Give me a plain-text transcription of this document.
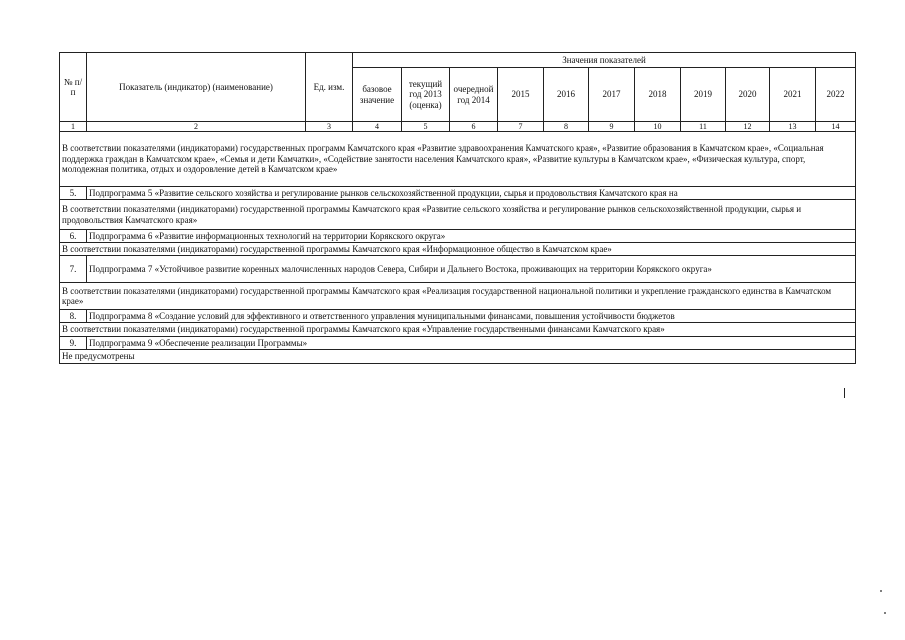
№ п/п	Показатель (индикатор) (наименование)	Ед. изм.	Значения показателей										
			базовое значение	текущий год 2013 (оценка)	очередной год 2014	2015	2016	2017	2018	2019	2020	2021	2022
1	2	3	4	5	6	7	8	9	10	11	12	13	14
В соответствии показателями (индикаторами) государственных программ Камчатского края «Развитие здравоохранения Камчатского края», «Развитие образования в Камчатском крае», «Социальная поддержка граждан в Камчатском крае», «Семья и дети Камчатки», «Содействие занятости населения Камчатского края», «Развитие культуры в Камчатском крае», «Физическая культура, спорт, молодежная политика, отдых и оздоровление детей в Камчатском крае»													
5.	Подпрограмма 5 «Развитие сельского хозяйства и регулирование рынков сельскохозяйственной продукции, сырья и продовольствия Камчатского края на												
В соответствии показателями (индикаторами) государственной программы Камчатского края «Развитие сельского хозяйства и регулирование рынков сельскохозяйственной продукции, сырья и продовольствия Камчатского края»													
6.	Подпрограмма 6 «Развитие информационных технологий на территории Корякского округа»												
В соответствии показателями (индикаторами) государственной программы Камчатского края «Информационное общество в Камчатском крае»													
7.	Подпрограмма 7 «Устойчивое развитие коренных малочисленных народов Севера, Сибири и Дальнего Востока, проживающих на территории Корякского округа»												
В соответствии показателями (индикаторами) государственной программы Камчатского края «Реализация государственной национальной политики и укрепление гражданского единства в Камчатском крае»													
8.	Подпрограмма 8 «Создание условий для эффективного и ответственного управления муниципальными финансами, повышения устойчивости бюджетов												
В соответствии показателями (индикаторами) государственной программы Камчатского края «Управление государственными финансами Камчатского края»													
9.	Подпрограмма 9 «Обеспечение реализации Программы»												
Не предусмотрены													
